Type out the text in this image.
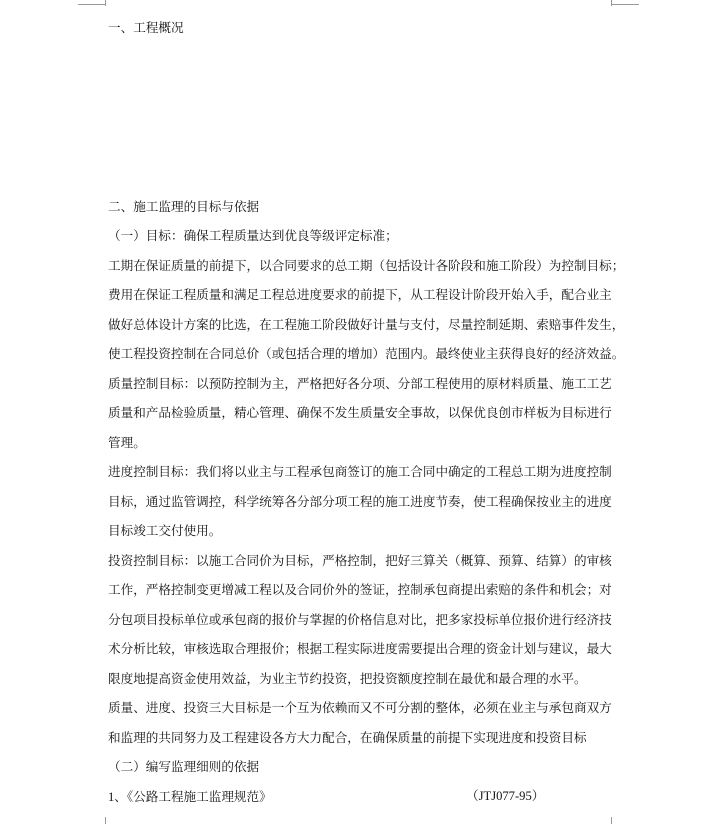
一、工程概况
二、施工监理的目标与依据
（一）目标：确保工程质量达到优良等级评定标准；
工期在保证质量的前提下，以合同要求的总工期（包括设计各阶段和施工阶段）为控制目标；
费用在保证工程质量和满足工程总进度要求的前提下，从工程设计阶段开始入手，配合业主
做好总体设计方案的比选，在工程施工阶段做好计量与支付，尽量控制延期、索赔事件发生，
使工程投资控制在合同总价（或包括合理的增加）范围内。最终使业主获得良好的经济效益。
质量控制目标：以预防控制为主，严格把好各分项、分部工程使用的原材料质量、施工工艺
质量和产品检验质量，精心管理、确保不发生质量安全事故，以保优良创市样板为目标进行
管理。
进度控制目标：我们将以业主与工程承包商签订的施工合同中确定的工程总工期为进度控制
目标，通过监管调控，科学统筹各分部分项工程的施工进度节奏，使工程确保按业主的进度
目标竣工交付使用。
投资控制目标：以施工合同价为目标，严格控制，把好三算关（概算、预算、结算）的审核
工作，严格控制变更增减工程以及合同价外的签证，控制承包商提出索赔的条件和机会；对
分包项目投标单位或承包商的报价与掌握的价格信息对比，把多家投标单位报价进行经济技
术分析比较，审核选取合理报价；根据工程实际进度需要提出合理的资金计划与建议，最大
限度地提高资金使用效益，为业主节约投资，把投资额度控制在最优和最合理的水平。
质量、进度、投资三大目标是一个互为依赖而又不可分割的整体，必须在业主与承包商双方
和监理的共同努力及工程建设各方大力配合，在确保质量的前提下实现进度和投资目标
（二）编写监理细则的依据
1、《公路工程施工监理规范》	（JTJ077-95）
